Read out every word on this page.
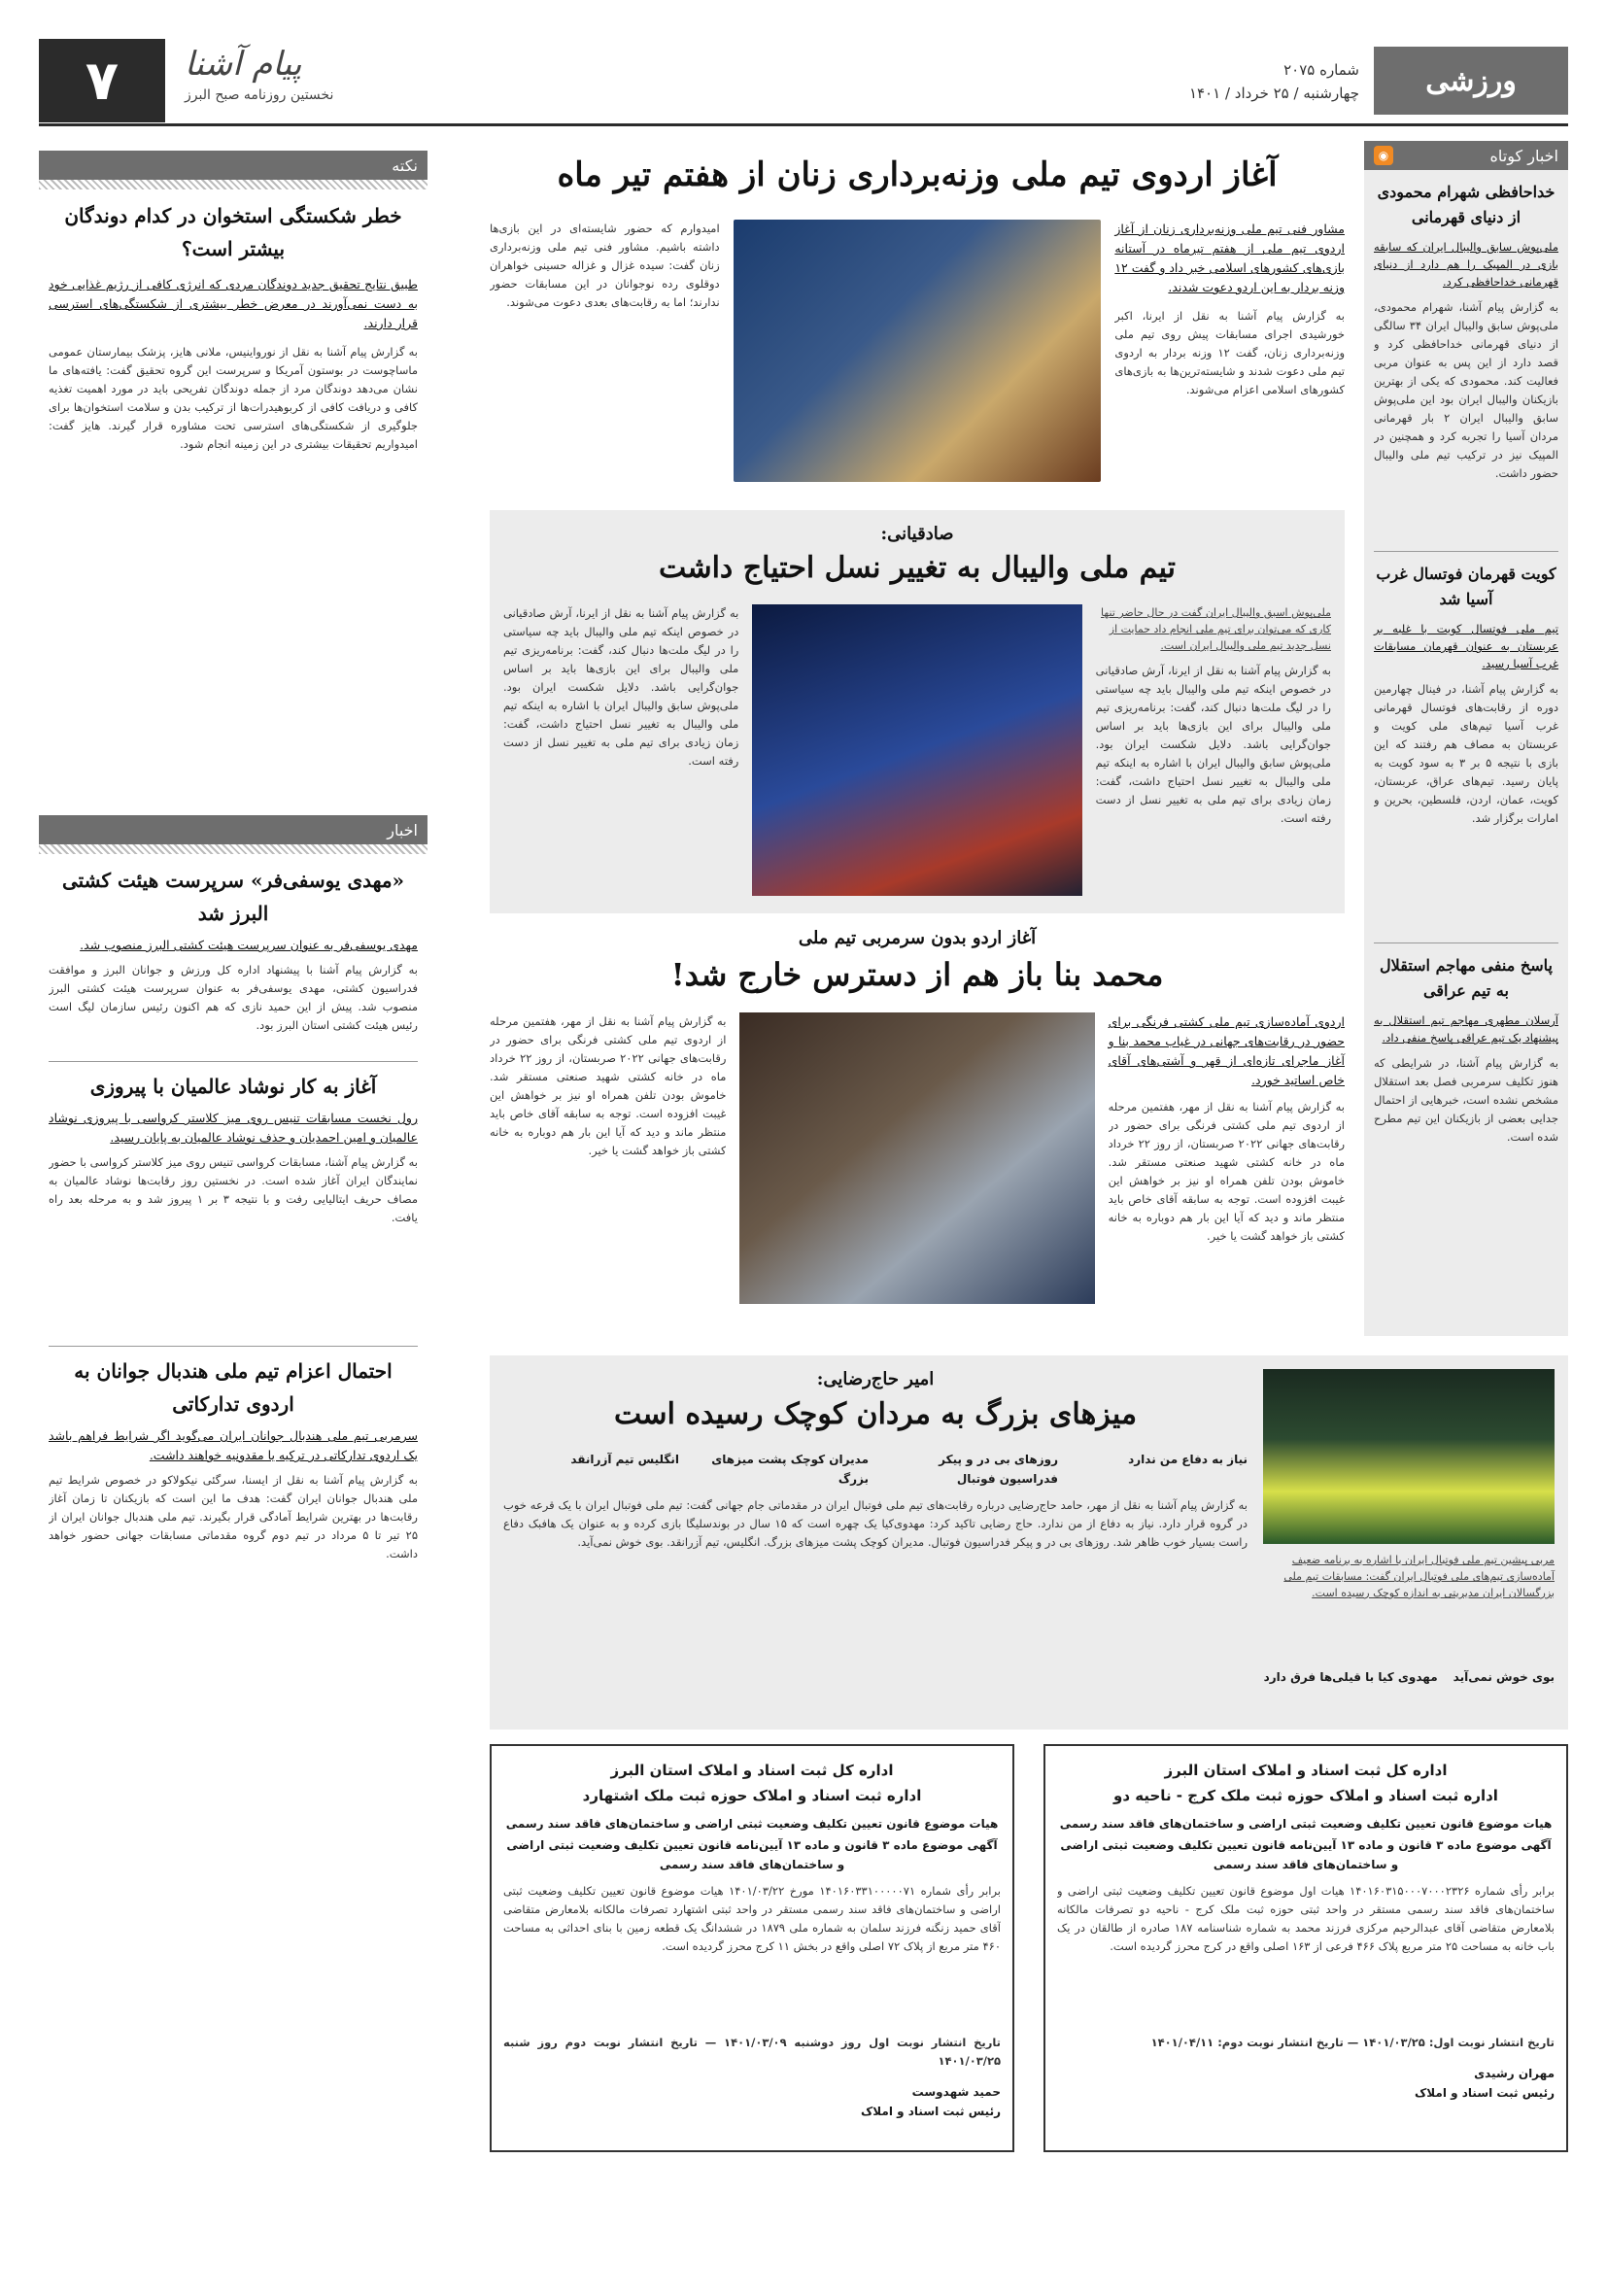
ورزشی
شماره ۲۰۷۵
چهارشنبه / ۲۵ خرداد / ۱۴۰۱
پیام آشنا
نخستین روزنامه صبح البرز
۷
اخبار کوتاه
◉
خداحافظی شهرام محمودی از دنیای قهرمانی
ملی‌پوش سابق والیبال ایران که سابقه بازی در المپیک را هم دارد از دنیای قهرمانی خداحافظی کرد.
به گزارش پیام آشنا، شهرام محمودی، ملی‌پوش سابق والیبال ایران ۳۴ سالگی از دنیای قهرمانی خداحافظی کرد و قصد دارد از این پس به عنوان مربی فعالیت کند. محمودی که یکی از بهترین بازیکنان والیبال ایران بود این ملی‌پوش سابق والیبال ایران ۲ بار قهرمانی مردان آسیا را تجربه کرد و همچنین در المپیک نیز در ترکیب تیم ملی والیبال حضور داشت.
کویت قهرمان فوتسال غرب آسیا شد
تیم ملی فوتسال کویت با غلبه بر عربستان به عنوان قهرمان مسابقات غرب آسیا رسید.
به گزارش پیام آشنا، در فینال چهارمین دوره از رقابت‌های فوتسال قهرمانی غرب آسیا تیم‌های ملی کویت و عربستان به مصاف هم رفتند که این بازی با نتیجه ۵ بر ۳ به سود کویت به پایان رسید. تیم‌های عراق، عربستان، کویت، عمان، اردن، فلسطین، بحرین و امارات برگزار شد.
پاسخ منفی مهاجم استقلال به تیم عراقی
آرسلان مطهری مهاجم تیم استقلال به پیشنهاد یک تیم عراقی پاسخ منفی داد.
به گزارش پیام آشنا، در شرایطی که هنوز تکلیف سرمربی فصل بعد استقلال مشخص نشده است، خبرهایی از احتمال جدایی بعضی از بازیکنان این تیم مطرح شده است.
آغاز اردوی تیم ملی وزنه‌برداری زنان از هفتم تیر ماه
مشاور فنی تیم ملی وزنه‌برداری زنان از آغاز اردوی تیم ملی از هفتم تیرماه در آستانه بازی‌های کشورهای اسلامی خبر داد و گفت ۱۲ وزنه بردار به این اردو دعوت شدند.
به گزارش پیام آشنا به نقل از ایرنا، اکبر خورشیدی اجرای مسابقات پیش روی تیم ملی وزنه‌برداری زنان، گفت ۱۲ وزنه بردار به اردوی تیم ملی دعوت شدند و شایسته‌ترین‌ها به بازی‌های کشورهای اسلامی اعزام می‌شوند.
امیدوارم که حضور شایسته‌ای در این بازی‌ها داشته باشیم. مشاور فنی تیم ملی وزنه‌برداری زنان گفت: سیده غزال و غزاله حسینی خواهران دوقلوی رده نوجوانان در این مسابقات حضور ندارند؛ اما به رقابت‌های بعدی دعوت می‌شوند.
صادقیانی:
تیم ملی والیبال به تغییر نسل احتیاج داشت
ملی‌پوش اسبق والیبال ایران گفت در حال حاضر تنها کاری که می‌توان برای تیم ملی انجام داد حمایت از نسل جدید تیم ملی والیبال ایران است.
به گزارش پیام آشنا به نقل از ایرنا، آرش صادقیانی در خصوص اینکه تیم ملی والیبال باید چه سیاستی را در لیگ ملت‌ها دنبال کند، گفت: برنامه‌ریزی تیم ملی والیبال برای این بازی‌ها باید بر اساس جوان‌گرایی باشد. دلایل شکست ایران بود. ملی‌پوش سابق والیبال ایران با اشاره به اینکه تیم ملی والیبال به تغییر نسل احتیاج داشت، گفت: زمان زیادی برای تیم ملی به تغییر نسل از دست رفته است.
به گزارش پیام آشنا به نقل از ایرنا، آرش صادقیانی در خصوص اینکه تیم ملی والیبال باید چه سیاستی را در لیگ ملت‌ها دنبال کند، گفت: برنامه‌ریزی تیم ملی والیبال برای این بازی‌ها باید بر اساس جوان‌گرایی باشد. دلایل شکست ایران بود. ملی‌پوش سابق والیبال ایران با اشاره به اینکه تیم ملی والیبال به تغییر نسل احتیاج داشت، گفت: زمان زیادی برای تیم ملی به تغییر نسل از دست رفته است.
آغاز اردو بدون سرمربی تیم ملی
محمد بنا باز هم از دسترس خارج شد!
اردوی آماده‌سازی تیم ملی کشتی فرنگی برای حضور در رقابت‌های جهانی در غیاب محمد بنا و آغاز ماجرای تازه‌ای از قهر و آشتی‌های آقای خاص اساتید خورد.
به گزارش پیام آشنا به نقل از مهر، هفتمین مرحله از اردوی تیم ملی کشتی فرنگی برای حضور در رقابت‌های جهانی ۲۰۲۲ صربستان، از روز ۲۲ خرداد ماه در خانه کشتی شهید صنعتی مستقر شد. خاموش بودن تلفن همراه او نیز بر خواهش این غیبت افزوده است. توجه به سابقه آقای خاص باید منتظر ماند و دید که آیا این بار هم دوباره به خانه کشتی باز خواهد گشت یا خیر.
به گزارش پیام آشنا به نقل از مهر، هفتمین مرحله از اردوی تیم ملی کشتی فرنگی برای حضور در رقابت‌های جهانی ۲۰۲۲ صربستان، از روز ۲۲ خرداد ماه در خانه کشتی شهید صنعتی مستقر شد. خاموش بودن تلفن همراه او نیز بر خواهش این غیبت افزوده است. توجه به سابقه آقای خاص باید منتظر ماند و دید که آیا این بار هم دوباره به خانه کشتی باز خواهد گشت یا خیر.
مربی پیشین تیم ملی فوتبال ایران با اشاره به برنامه ضعیف آماده‌سازی تیم‌های ملی فوتبال ایران گفت: مسابقات تیم ملی بزرگسالان ایران مدیریتی به اندازه کوچک رسیده است.
امیر حاج‌رضایی:
میزهای بزرگ به مردان کوچک رسیده است
نیاز به دفاع من ندارد
روزهای بی در و پیکر فدراسیون فوتبال
مدیران کوچک پشت میزهای بزرگ
انگلیس تیم آزرانقد
به گزارش پیام آشنا به نقل از مهر، حامد حاج‌رضایی درباره رقابت‌های تیم ملی فوتبال ایران در مقدماتی جام جهانی گفت: تیم ملی فوتبال ایران با یک قرعه خوب در گروه قرار دارد. نیاز به دفاع از من ندارد. حاج رضایی تاکید کرد: مهدوی‌کیا یک چهره است که ۱۵ سال در بوندسلیگا بازی کرده و به عنوان یک هافبک دفاع راست بسیار خوب ظاهر شد. روزهای بی در و پیکر فدراسیون فوتبال. مدیران کوچک پشت میزهای بزرگ. انگلیس، تیم آزرانقد. بوی خوش نمی‌آید.
بوی خوش نمی‌آید
مهدوی کیا با قیلی‌ها فرق دارد
اداره کل ثبت اسناد و املاک استان البرز
اداره ثبت اسناد و املاک حوزه ثبت ملک کرج - ناحیه دو
هیات موضوع قانون تعیین تکلیف وضعیت ثبتی اراضی و ساختمان‌های فاقد سند رسمی
آگهی موضوع ماده ۳ قانون و ماده ۱۳ آیین‌نامه قانون تعیین تکلیف وضعیت ثبتی اراضی و ساختمان‌های فاقد سند رسمی
برابر رأی شماره ۱۴۰۱۶۰۳۱۵۰۰۰۷۰۰۰۲۳۲۶ هیات اول موضوع قانون تعیین تکلیف وضعیت ثبتی اراضی و ساختمان‌های فاقد سند رسمی مستقر در واحد ثبتی حوزه ثبت ملک کرج - ناحیه دو تصرفات مالکانه بلامعارض متقاضی آقای عبدالرحیم مرکزی فرزند محمد به شماره شناسنامه ۱۸۷ صادره از طالقان در یک باب خانه به مساحت ۲۵ متر مربع پلاک ۴۶۶ فرعی از ۱۶۳ اصلی واقع در کرج محرز گردیده است.
تاریخ انتشار نوبت اول: ۱۴۰۱/۰۳/۲۵ — تاریخ انتشار نوبت دوم: ۱۴۰۱/۰۴/۱۱
مهران رشیدی
رئیس ثبت اسناد و املاک
اداره کل ثبت اسناد و املاک استان البرز
اداره ثبت اسناد و املاک حوزه ثبت ملک اشتهارد
هیات موضوع قانون تعیین تکلیف وضعیت ثبتی اراضی و ساختمان‌های فاقد سند رسمی
آگهی موضوع ماده ۳ قانون و ماده ۱۳ آیین‌نامه قانون تعیین تکلیف وضعیت ثبتی اراضی و ساختمان‌های فاقد سند رسمی
برابر رأی شماره ۱۴۰۱۶۰۳۳۱۰۰۰۰۰۷۱ مورخ ۱۴۰۱/۰۳/۲۲ هیات موضوع قانون تعیین تکلیف وضعیت ثبتی اراضی و ساختمان‌های فاقد سند رسمی مستقر در واحد ثبتی اشتهارد تصرفات مالکانه بلامعارض متقاضی آقای حمید زنگنه فرزند سلمان به شماره ملی ۱۸۷۹ در ششدانگ یک قطعه زمین با بنای احداثی به مساحت ۴۶۰ متر مربع از پلاک ۷۲ اصلی واقع در بخش ۱۱ کرج محرز گردیده است.
تاریخ انتشار نوبت اول روز دوشنبه ۱۴۰۱/۰۳/۰۹ — تاریخ انتشار نوبت دوم روز شنبه ۱۴۰۱/۰۳/۲۵
حمید شهدوست
رئیس ثبت اسناد و املاک
نکته
خطر شکستگی استخوان در کدام دوندگان بیشتر است؟
طبیق نتایج تحقیق جدید دوندگان مردی که انرژی کافی از رژیم غذایی خود به دست نمی‌آورند در معرض خطر بیشتری از شکستگی‌های استرسی قرار دارند.
به گزارش پیام آشنا به نقل از نورواینیس، ملانی هایز، پزشک بیمارستان عمومی ماساچوست در بوستون آمریکا و سرپرست این گروه تحقیق گفت: یافته‌های ما نشان می‌دهد دوندگان مرد از جمله دوندگان تفریحی باید در مورد اهمیت تغذیه کافی و دریافت کافی از کربوهیدرات‌ها از ترکیب بدن و سلامت استخوان‌ها برای جلوگیری از شکستگی‌های استرسی تحت مشاوره قرار گیرند. هایز گفت: امیدواریم تحقیقات بیشتری در این زمینه انجام شود.
اخبار
«مهدی یوسفی‌فر» سرپرست هیئت کشتی البرز شد
مهدی یوسفی‌فر به عنوان سرپرست هیئت کشتی البرز منصوب شد.
به گزارش پیام آشنا با پیشنهاد اداره کل ورزش و جوانان البرز و موافقت فدراسیون کشتی، مهدی یوسفی‌فر به عنوان سرپرست هیئت کشتی البرز منصوب شد. پیش از این حمید نازی که هم اکنون رئیس سازمان لیگ است رئیس هیئت کشتی استان البرز بود.
آغاز به کار نوشاد عالمیان با پیروزی
رول نخست مسابقات تنیس روی میز کلاستر کرواسی با پیروزی نوشاد عالمیان و امین احمدیان و حذف نوشاد عالمیان به پایان رسید.
به گزارش پیام آشنا، مسابقات کرواسی تنیس روی میز کلاستر کرواسی با حضور نمایندگان ایران آغاز شده است. در نخستین روز رقابت‌ها نوشاد عالمیان به مصاف حریف ایتالیایی رفت و با نتیجه ۳ بر ۱ پیروز شد و به مرحله بعد راه یافت.
احتمال اعزام تیم ملی هندبال جوانان به اردوی تدارکاتی
سرمربی تیم ملی هندبال جوانان ایران می‌گوید اگر شرایط فراهم باشد یک اردوی تدارکاتی در ترکیه یا مقدونیه خواهند داشت.
به گزارش پیام آشنا به نقل از ایسنا، سرگئی نیکولاکو در خصوص شرایط تیم ملی هندبال جوانان ایران گفت: هدف ما این است که بازیکنان تا زمان آغاز رقابت‌ها در بهترین شرایط آمادگی قرار بگیرند. تیم ملی هندبال جوانان ایران از ۲۵ تیر تا ۵ مرداد در تیم دوم گروه مقدماتی مسابقات جهانی حضور خواهد داشت.
